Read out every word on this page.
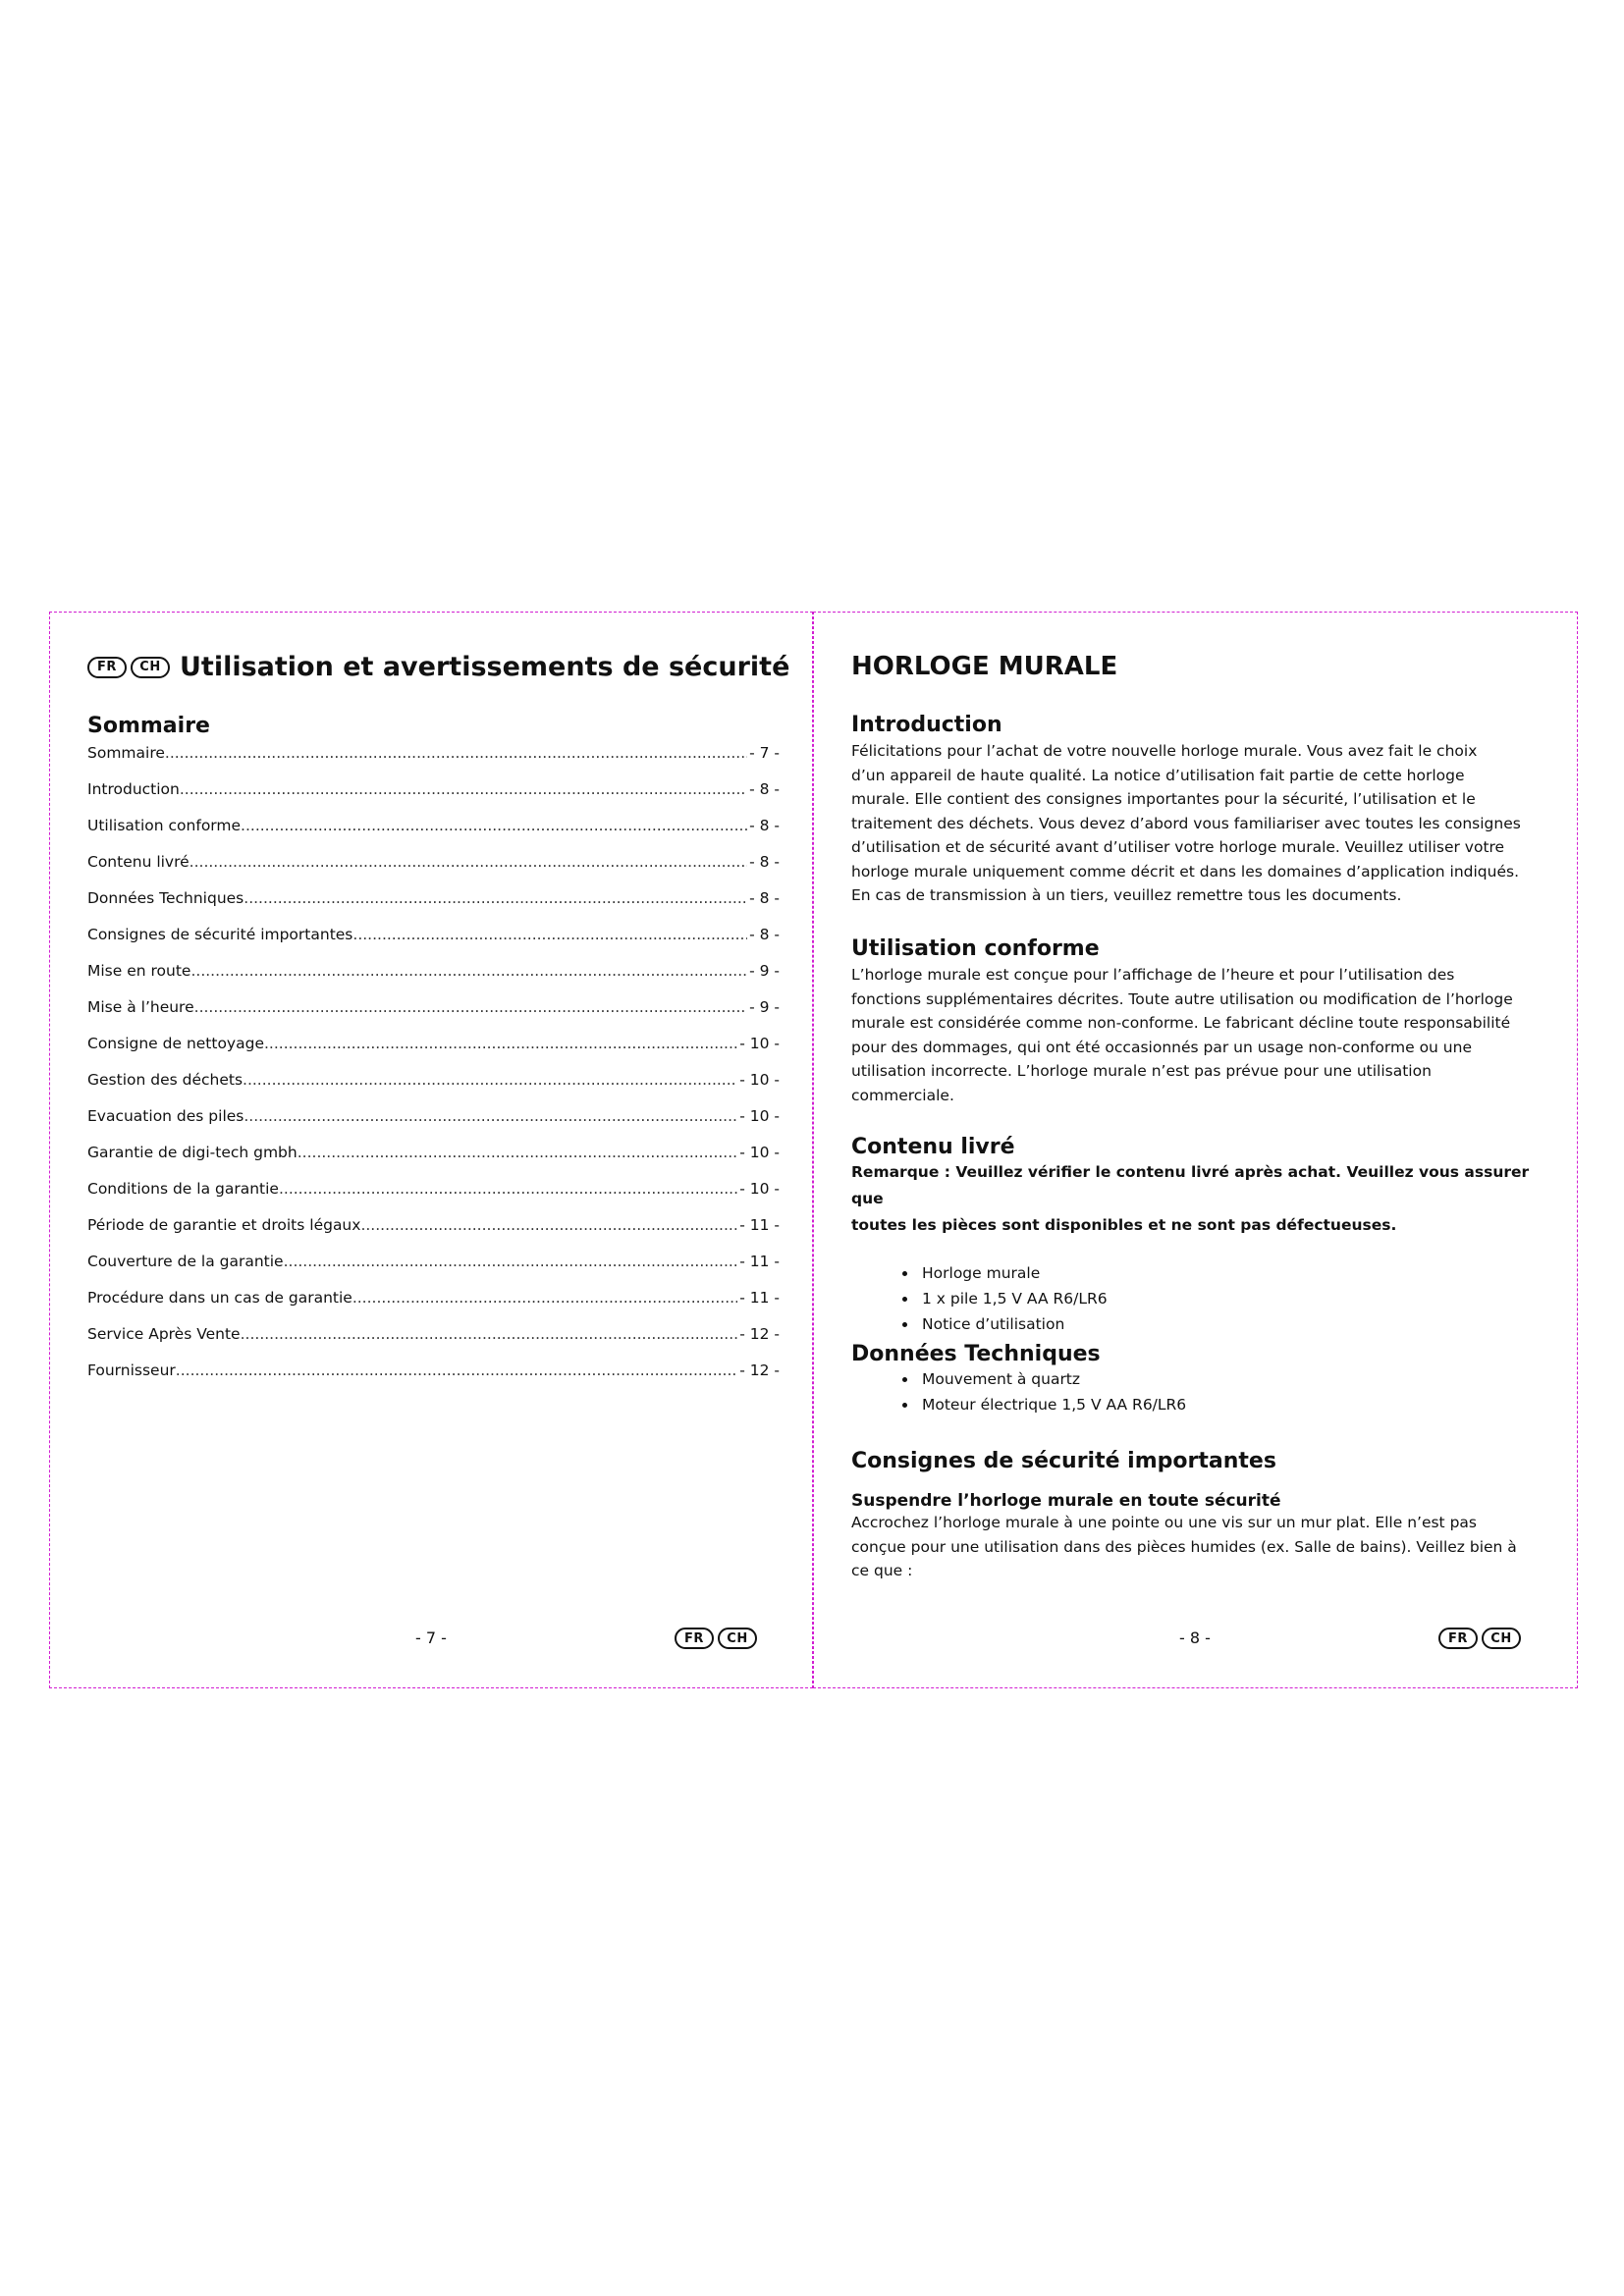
FR	CH Utilisation et avertissements de sécurité
Sommaire
Sommaire .....	- 7 -
Introduction .....	- 8 -
Utilisation conforme .....	- 8 -
Contenu livré .....	- 8 -
Données Techniques .....	- 8 -
Consignes de sécurité importantes .....	- 8 -
Mise en route .....	- 9 -
Mise à l’heure .....	- 9 -
Consigne de nettoyage .....	- 10 -
Gestion des déchets .....	- 10 -
Evacuation des piles .....	- 10 -
Garantie de digi-tech gmbh .....	- 10 -
Conditions de la garantie .....	- 10 -
Période de garantie et droits légaux .....	- 11 -
Couverture de la garantie .....	- 11 -
Procédure dans un cas de garantie .....	- 11 -
Service Après Vente .....	- 12 -
Fournisseur .....	- 12 -
- 7 -	FR	CH
HORLOGE MURALE
Introduction

Félicitations pour l’achat de votre nouvelle horloge murale. Vous avez fait le choix
d’un appareil de haute qualité. La notice d’utilisation fait partie de cette horloge
murale. Elle contient des consignes importantes pour la sécurité, l’utilisation et le
traitement des déchets. Vous devez d’abord vous familiariser avec toutes les consignes
d’utilisation et de sécurité avant d’utiliser votre horloge murale. Veuillez utiliser votre
horloge murale uniquement comme décrit et dans les domaines d’application indiqués.
En cas de transmission à un tiers, veuillez remettre tous les documents.

Utilisation conforme

L’horloge murale est conçue pour l’affichage de l’heure et pour l’utilisation des
fonctions supplémentaires décrites. Toute autre utilisation ou modification de l’horloge
murale est considérée comme non-conforme. Le fabricant décline toute responsabilité
pour des dommages, qui ont été occasionnés par un usage non-conforme ou une
utilisation incorrecte. L’horloge murale n’est pas prévue pour une utilisation
commerciale.

Contenu livré

Remarque : Veuillez vérifier le contenu livré après achat. Veuillez vous assurer que
toutes les pièces sont disponibles et ne sont pas défectueuses.

• Horloge murale
• 1 x pile 1,5 V AA R6/LR6
• Notice d’utilisation
Données Techniques
• Mouvement à quartz
• Moteur électrique 1,5 V AA R6/LR6
Consignes de sécurité importantes
Suspendre l’horloge murale en toute sécurité

Accrochez l’horloge murale à une pointe ou une vis sur un mur plat. Elle n’est pas
conçue pour une utilisation dans des pièces humides (ex. Salle de bains). Veillez bien à
ce que :

- 8 -	FR	CH
